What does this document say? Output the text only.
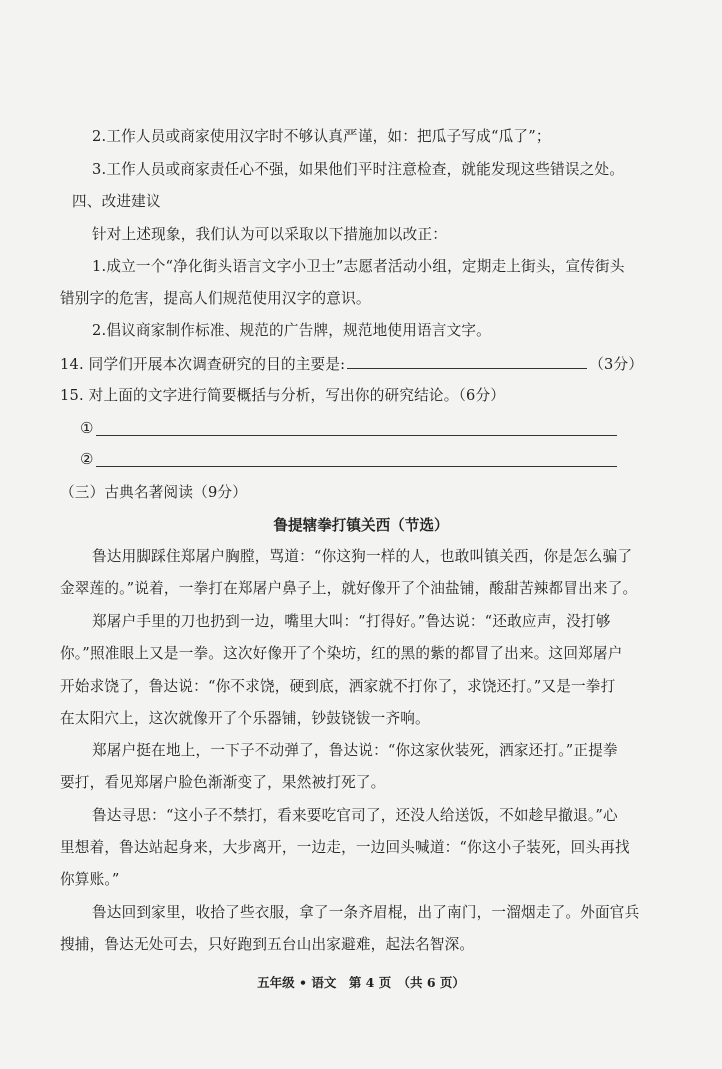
2.工作人员或商家使用汉字时不够认真严谨，如：把瓜子写成“瓜了”；
3.工作人员或商家责任心不强，如果他们平时注意检查，就能发现这些错误之处。
四、改进建议
针对上述现象，我们认为可以采取以下措施加以改正：
1.成立一个“净化街头语言文字小卫士”志愿者活动小组，定期走上街头，宣传街头
错别字的危害，提高人们规范使用汉字的意识。
2.倡议商家制作标准、规范的广告牌，规范地使用语言文字。
14. 同学们开展本次调查研究的目的主要是:	（3分）
15. 对上面的文字进行简要概括与分析，写出你的研究结论。（6分）
①
②
（三）古典名著阅读（9分）
鲁提辖拳打镇关西（节选）
鲁达用脚踩住郑屠户胸膛，骂道：“你这狗一样的人，也敢叫镇关西，你是怎么骗了
金翠莲的。”说着，一拳打在郑屠户鼻子上，就好像开了个油盐铺，酸甜苦辣都冒出来了。
郑屠户手里的刀也扔到一边，嘴里大叫：“打得好。”鲁达说：“还敢应声，没打够
你。”照准眼上又是一拳。这次好像开了个染坊，红的黑的紫的都冒了出来。这回郑屠户
开始求饶了，鲁达说：“你不求饶，硬到底，洒家就不打你了，求饶还打。”又是一拳打
在太阳穴上，这次就像开了个乐器铺，钞鼓铙钹一齐响。
郑屠户挺在地上，一下子不动弹了，鲁达说：“你这家伙装死，洒家还打。”正提拳
要打，看见郑屠户脸色渐渐变了，果然被打死了。
鲁达寻思：“这小子不禁打，看来要吃官司了，还没人给送饭，不如趁早撤退。”心
里想着，鲁达站起身来，大步离开，一边走，一边回头喊道：“你这小子装死，回头再找
你算账。”
鲁达回到家里，收拾了些衣服，拿了一条齐眉棍，出了南门，一溜烟走了。外面官兵
搜捕，鲁达无处可去，只好跑到五台山出家避难，起法名智深。
五年级 • 语文　第 4 页　（共 6 页）
